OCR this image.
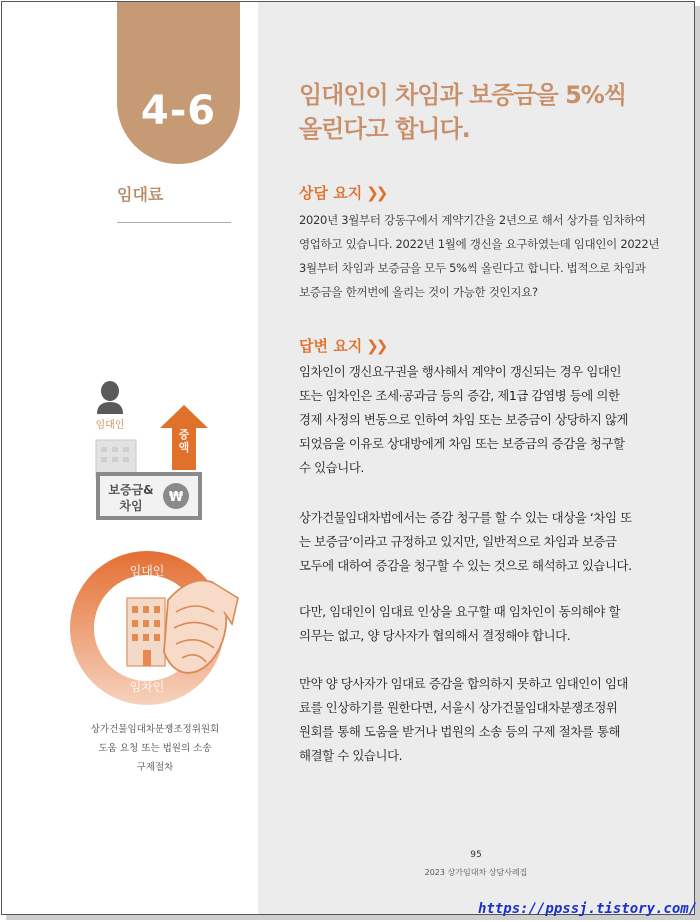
4-6
임대료
임대인이 차임과 보증금을 5%씩
올린다고 합니다.
상담 요지 ❯❯
2020년 3월부터 강동구에서 계약기간을 2년으로 해서 상가를 임차하여
영업하고 있습니다. 2022년 1월에 갱신을 요구하였는데 임대인이 2022년
3월부터 차임과 보증금을 모두 5%씩 올린다고 합니다. 법적으로 차임과
보증금을 한꺼번에 올리는 것이 가능한 것인지요?
답변 요지 ❯❯
임차인이 갱신요구권을 행사해서 계약이 갱신되는 경우 임대인
또는 임차인은 조세·공과금 등의 증감, 제1급 감염병 등에 의한
경제 사정의 변동으로 인하여 차임 또는 보증금이 상당하지 않게
되었음을 이유로 상대방에게 차임 또는 보증금의 증감을 청구할
수 있습니다.
상가건물임대차법에서는 증감 청구를 할 수 있는 대상을 ‘차임 또
는 보증금’이라고 규정하고 있지만, 일반적으로 차임과 보증금
모두에 대하여 증감을 청구할 수 있는 것으로 해석하고 있습니다.
다만, 임대인이 임대료 인상을 요구할 때 임차인이 동의해야 할
의무는 없고, 양 당사자가 협의해서 결정해야 합니다.
만약 양 당사자가 임대료 증감을 합의하지 못하고 임대인이 임대
료를 인상하기를 원한다면, 서울시 상가건물임대차분쟁조정위
원회를 통해 도움을 받거나 법원의 소송 등의 구제 절차를 통해
해결할 수 있습니다.
임대인
₩
보증금&
차임
임대인
임차인
증액
상가건물임대차분쟁조정위원회
도움 요청 또는 법원의 소송
구제절차
95
2023 상가임대차 상담사례집
https://ppssj.tistory.com/
